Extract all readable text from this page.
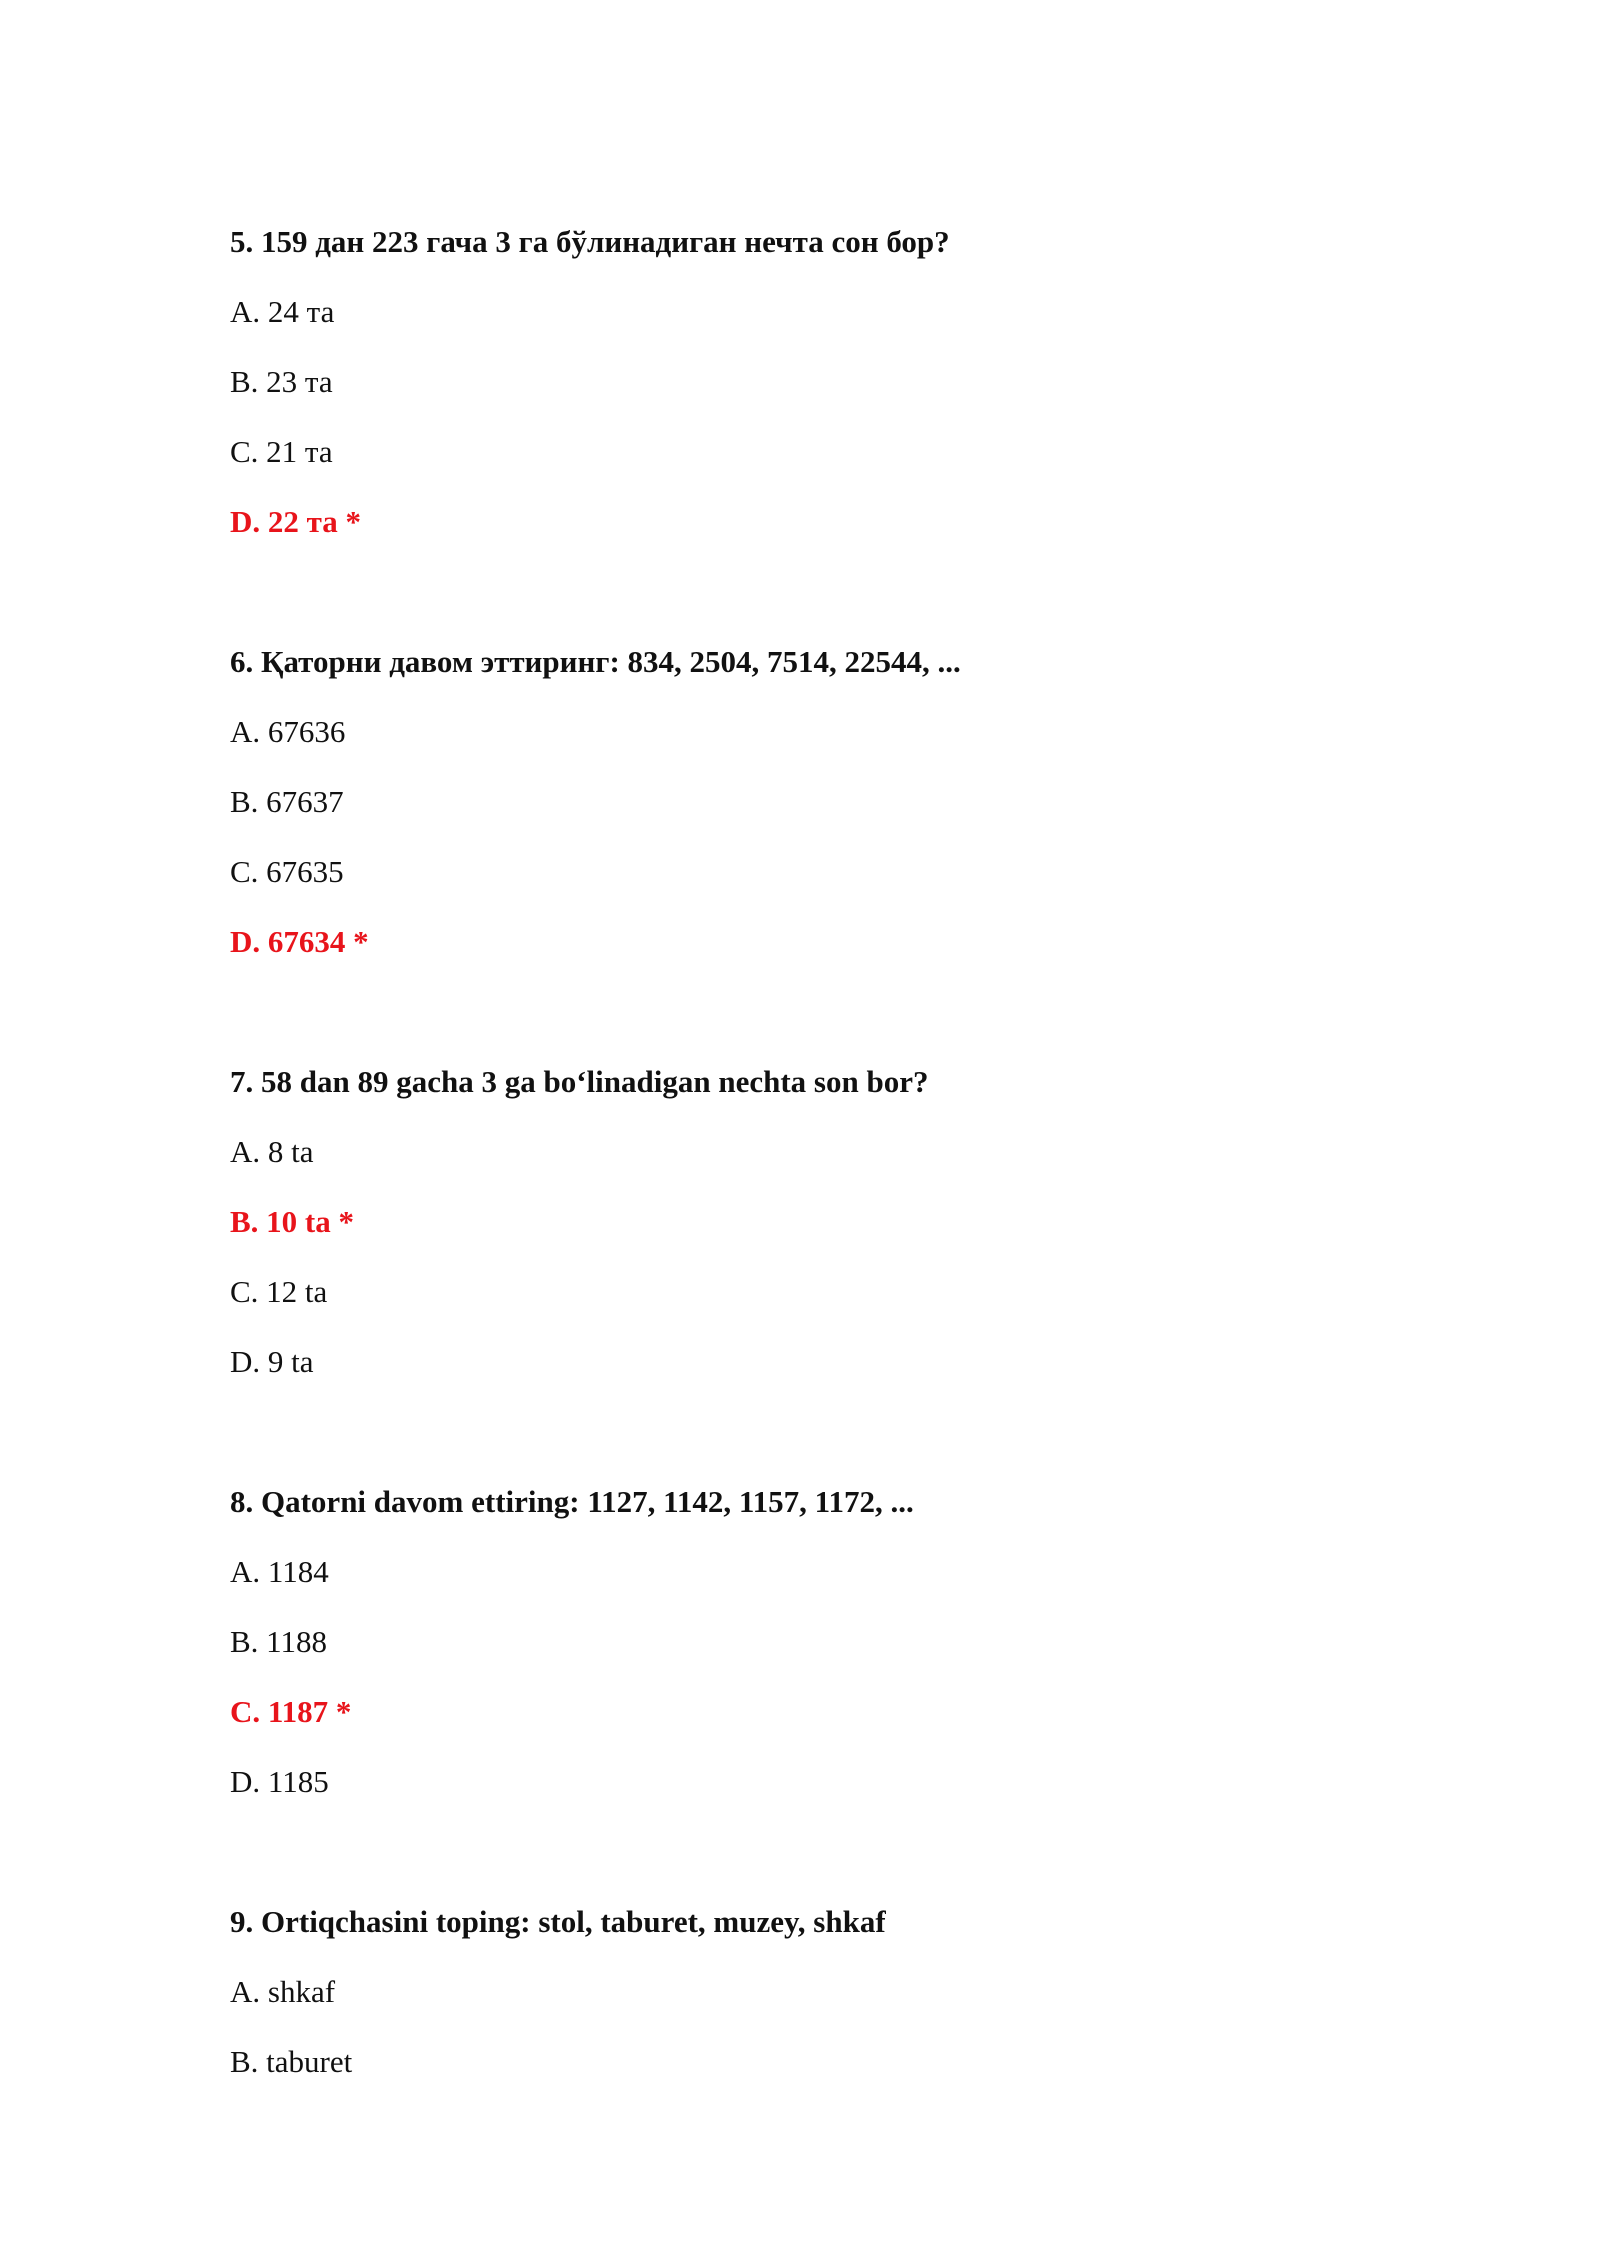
5. 159 дан 223 гача 3 га бўлинадиган нечта сон бор?
A. 24 та
B. 23 та
C. 21 та
D. 22 та *
6. Қаторни давом эттиринг: 834, 2504, 7514, 22544, ...
A. 67636
B. 67637
C. 67635
D. 67634 *
7. 58 dan 89 gacha 3 ga bo‘linadigan nechta son bor?
A. 8 ta
B. 10 ta *
C. 12 ta
D. 9 ta
8. Qatorni davom ettiring: 1127, 1142, 1157, 1172, ...
A. 1184
B. 1188
C. 1187 *
D. 1185
9. Ortiqchasini toping: stol, taburet, muzey, shkaf
A. shkaf
B. taburet
